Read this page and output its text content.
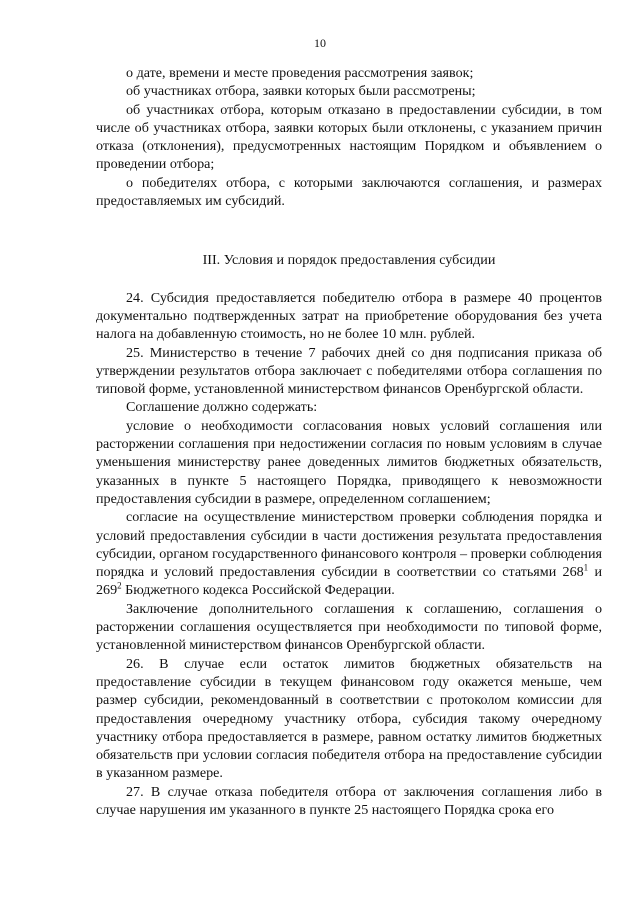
10

о дате, времени и месте проведения рассмотрения заявок;

об участниках отбора, заявки которых были рассмотрены;

об участниках отбора, которым отказано в предоставлении субсидии, в том числе об участниках отбора, заявки которых были отклонены, с указанием причин отказа (отклонения), предусмотренных настоящим Порядком и объявлением о проведении отбора;

о победителях отбора, с которыми заключаются соглашения, и размерах предоставляемых им субсидий.

III. Условия и порядок предоставления субсидии

24. Субсидия предоставляется победителю отбора в размере 40 процентов документально подтвержденных затрат на приобретение оборудования без учета налога на добавленную стоимость, но не более 10 млн. рублей.

25. Министерство в течение 7 рабочих дней со дня подписания приказа об утверждении результатов отбора заключает с победителями отбора соглашения по типовой форме, установленной министерством финансов Оренбургской области.

Соглашение должно содержать:

условие о необходимости согласования новых условий соглашения или расторжении соглашения при недостижении согласия по новым условиям в случае уменьшения министерству ранее доведенных лимитов бюджетных обязательств, указанных в пункте 5 настоящего Порядка, приводящего к невозможности предоставления субсидии в размере, определенном соглашением;

согласие на осуществление министерством проверки соблюдения порядка и условий предоставления субсидии в части достижения результата предоставления субсидии, органом государственного финансового контроля – проверки соблюдения порядка и условий предоставления субсидии в соответствии со статьями $268^1$ и $269^2$ Бюджетного кодекса Российской Федерации.

Заключение дополнительного соглашения к соглашению, соглашения о расторжении соглашения осуществляется при необходимости по типовой форме, установленной министерством финансов Оренбургской области.

26. В случае если остаток лимитов бюджетных обязательств на предоставление субсидии в текущем финансовом году окажется меньше, чем размер субсидии, рекомендованный в соответствии с протоколом комиссии для предоставления очередному участнику отбора, субсидия такому очередному участнику отбора предоставляется в размере, равном остатку лимитов бюджетных обязательств при условии согласия победителя отбора на предоставление субсидии в указанном размере.

27. В случае отказа победителя отбора от заключения соглашения либо в случае нарушения им указанного в пункте 25 настоящего Порядка срока его
